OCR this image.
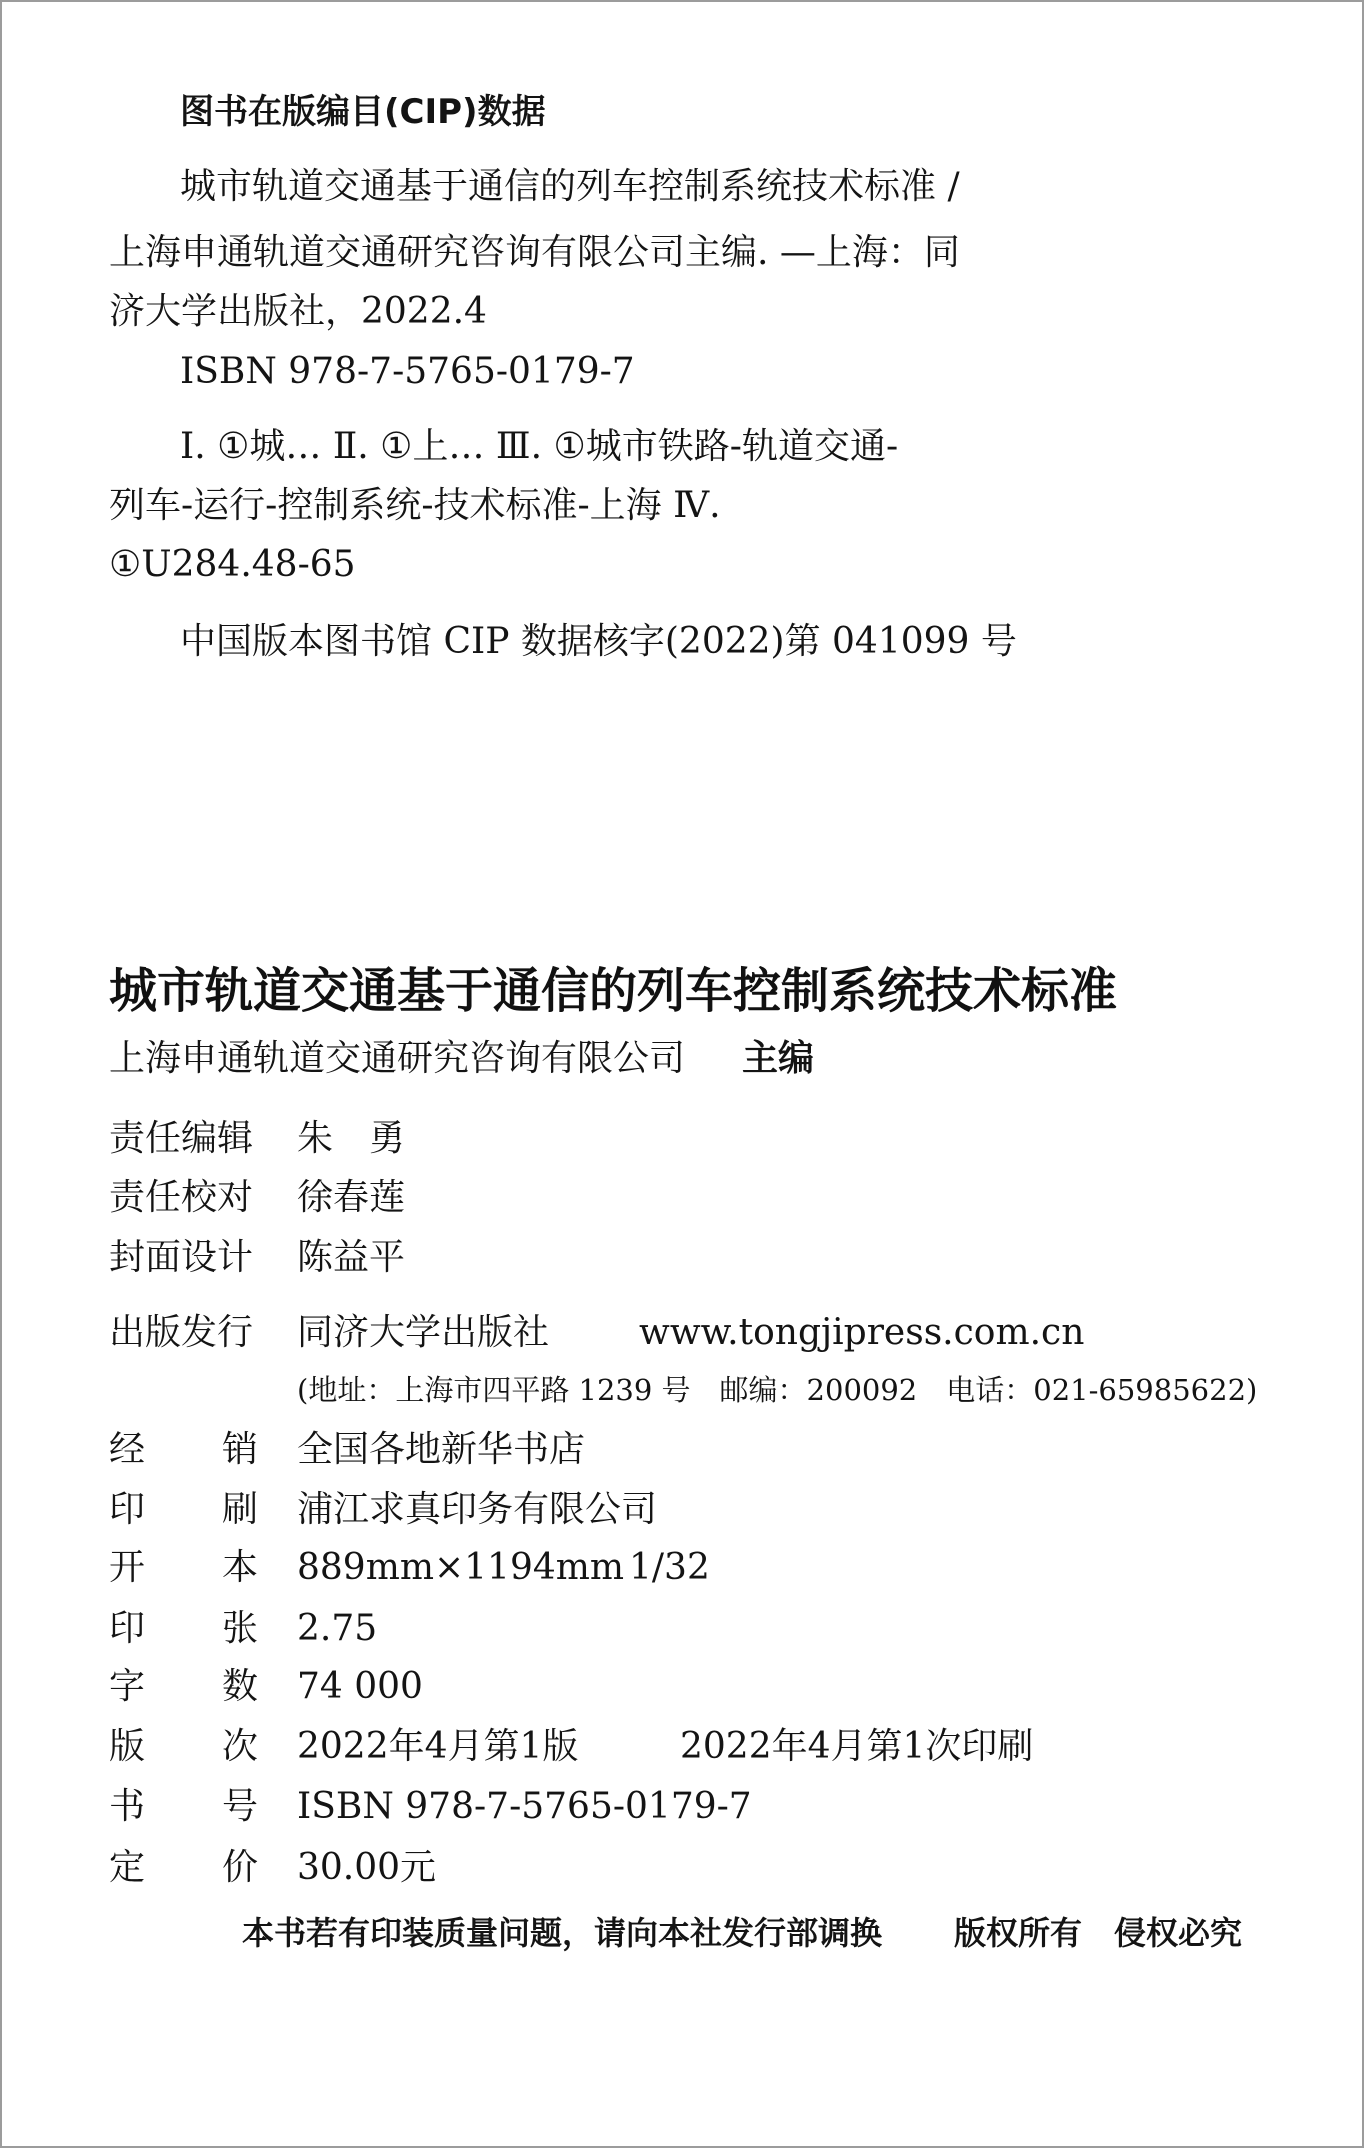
图书在版编目(CIP)数据
城市轨道交通基于通信的列车控制系统技术标准 /
上海申通轨道交通研究咨询有限公司主编. —上海：同
济大学出版社，2022.4
ISBN 978-7-5765-0179-7
Ⅰ. ①城… Ⅱ. ①上… Ⅲ. ①城市铁路-轨道交通-
列车-运行-控制系统-技术标准-上海 Ⅳ.
①U284.48-65
中国版本图书馆 CIP 数据核字(2022)第 041099 号
城市轨道交通基于通信的列车控制系统技术标准
上海申通轨道交通研究咨询有限公司 主编
责任编辑 朱　勇
责任校对 徐春莲
封面设计 陈益平
出版发行 同济大学出版社 www.tongjipress.com.cn
(地址：上海市四平路 1239 号　邮编：200092　电话：021-65985622)
经 销 全国各地新华书店
印 刷 浦江求真印务有限公司
开 本 889mm×1194mm 1/32
印 张 2.75
字 数 74 000
版 次 2022年4月第1版	2022年4月第1次印刷
书 号 ISBN 978-7-5765-0179-7
定 价 30.00元
本书若有印装质量问题，请向本社发行部调换 版权所有　侵权必究
